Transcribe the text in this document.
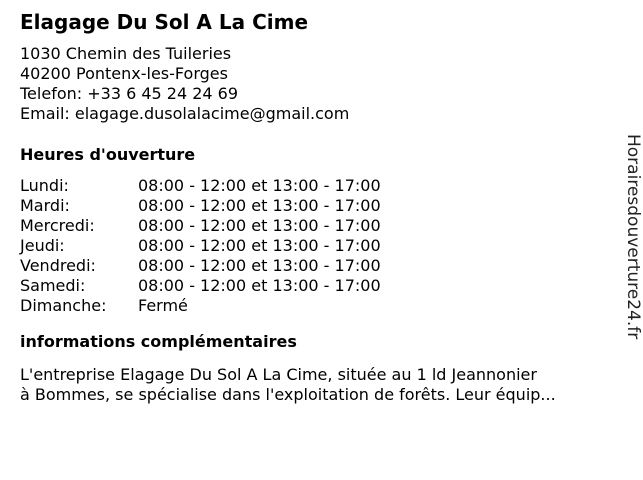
Elagage Du Sol A La Cime
1030 Chemin des Tuileries
40200 Pontenx-les-Forges
Telefon: +33 6 45 24 24 69
Email: elagage.dusolalacime@gmail.com
Heures d'ouverture
Lundi:	08:00 - 12:00 et 13:00 - 17:00
Mardi:	08:00 - 12:00 et 13:00 - 17:00
Mercredi:	08:00 - 12:00 et 13:00 - 17:00
Jeudi:	08:00 - 12:00 et 13:00 - 17:00
Vendredi:	08:00 - 12:00 et 13:00 - 17:00
Samedi:	08:00 - 12:00 et 13:00 - 17:00
Dimanche:	Fermé
informations complémentaires
L'entreprise Elagage Du Sol A La Cime, située au 1 ld Jeannonier
à Bommes, se spécialise dans l'exploitation de forêts. Leur équip...
Horairesdouverture24.fr
